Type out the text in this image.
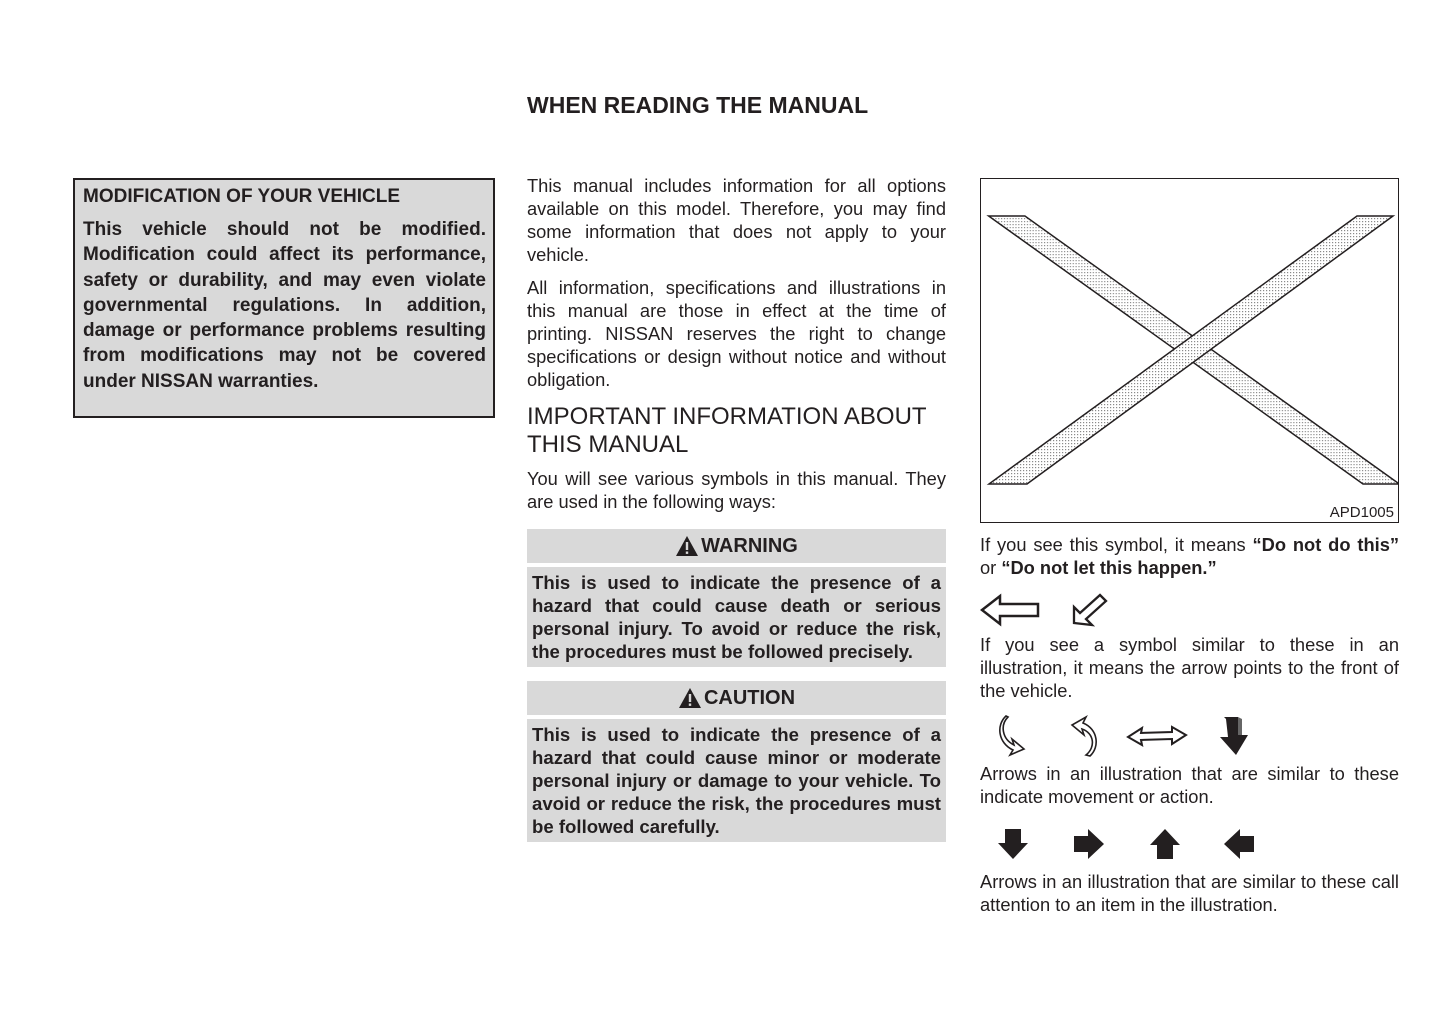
WHEN READING THE MANUAL
MODIFICATION OF YOUR VEHICLE

This vehicle should not be modified. Modification could affect its performance, safety or durability, and may even violate governmental regulations. In addition, damage or performance problems resulting from modifications may not be covered under NISSAN warranties.

This manual includes information for all options available on this model. Therefore, you may find some information that does not apply to your vehicle.

All information, specifications and illustrations in this manual are those in effect at the time of printing. NISSAN reserves the right to change specifications or design without notice and without obligation.

IMPORTANT INFORMATION ABOUT THIS MANUAL

You will see various symbols in this manual. They are used in the following ways:

WARNING
This is used to indicate the presence of a hazard that could cause death or serious personal injury. To avoid or reduce the risk, the procedures must be followed precisely.
CAUTION
This is used to indicate the presence of a hazard that could cause minor or moderate personal injury or damage to your vehicle. To avoid or reduce the risk, the procedures must be followed carefully.
APD1005

If you see this symbol, it means “Do not do this” or “Do not let this happen.”

If you see a symbol similar to these in an illustration, it means the arrow points to the front of the vehicle.

Arrows in an illustration that are similar to these indicate movement or action.

Arrows in an illustration that are similar to these call attention to an item in the illustration.
